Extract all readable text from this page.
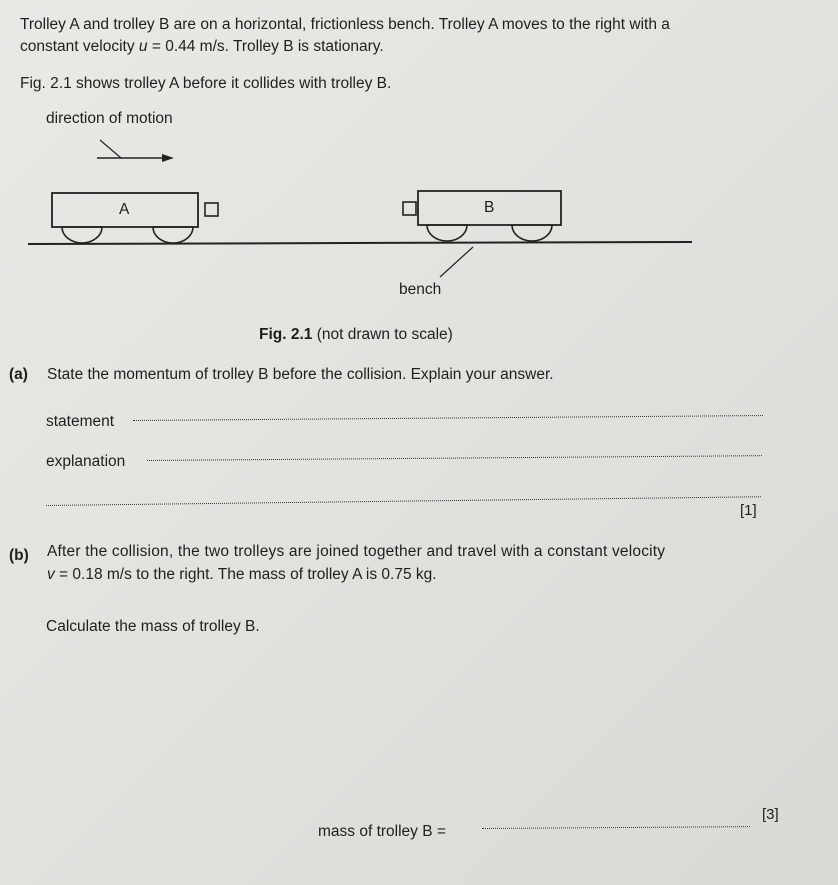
Trolley A and trolley B are on a horizontal, frictionless bench. Trolley A moves to the right with a
constant velocity u = 0.44 m/s. Trolley B is stationary.
Fig. 2.1 shows trolley A before it collides with trolley B.
direction of motion
A	B
bench
Fig. 2.1 (not drawn to scale)
(a) State the momentum of trolley B before the collision. Explain your answer.
statement
explanation
[1]
(b) After the collision, the two trolleys are joined together and travel with a constant velocity
v = 0.18 m/s to the right. The mass of trolley A is 0.75 kg.
Calculate the mass of trolley B.
mass of trolley B =
[3]
